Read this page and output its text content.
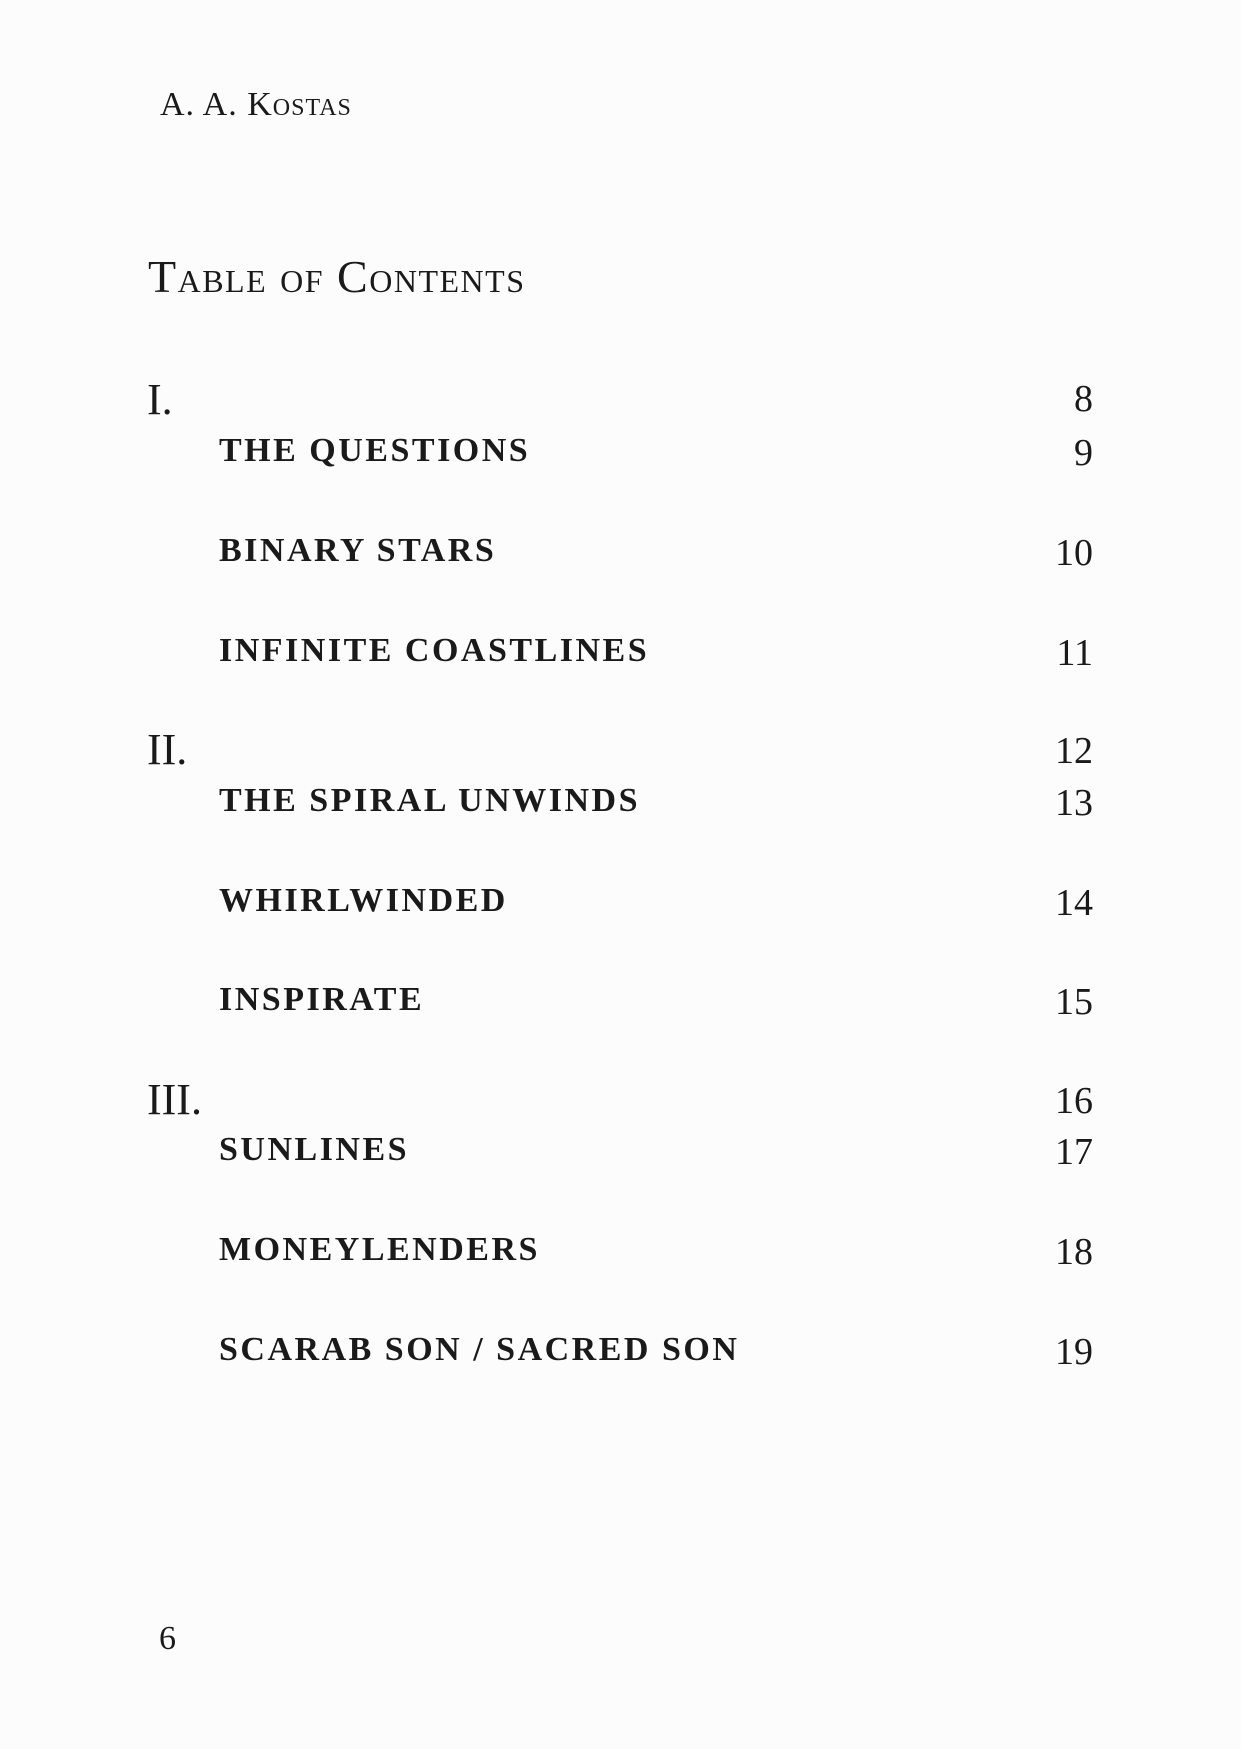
A. A. Kostas
Table of Contents
I.	8
THE QUESTIONS	9
BINARY STARS	10
INFINITE COASTLINES	11
II.	12
THE SPIRAL UNWINDS	13
WHIRLWINDED	14
INSPIRATE	15
III.	16
SUNLINES	17
MONEYLENDERS	18
SCARAB SON / SACRED SON	19
6
